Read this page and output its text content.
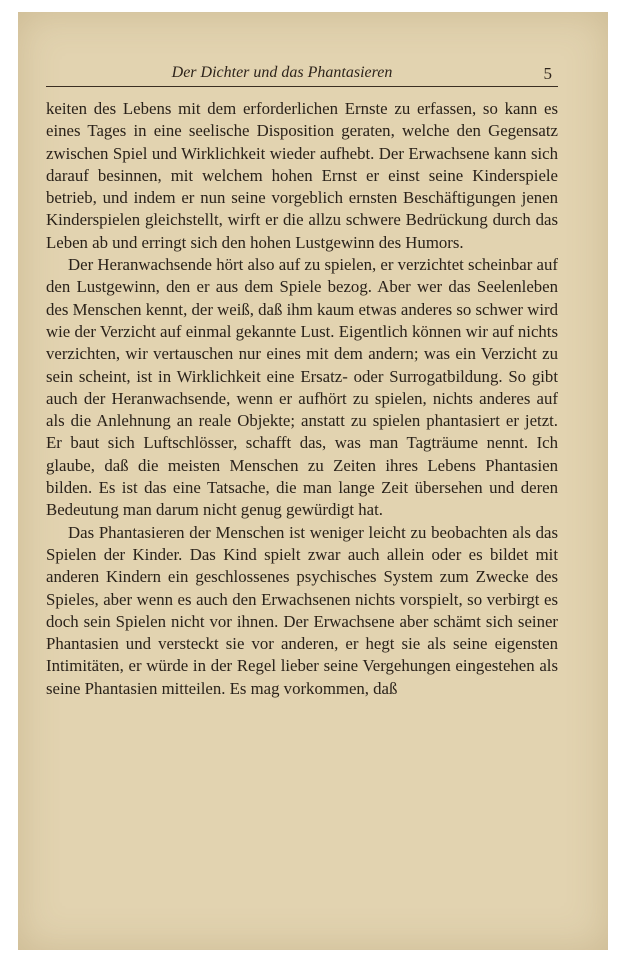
Der Dichter und das Phantasieren	5

keiten des Lebens mit dem erforderlichen Ernste zu erfassen, so kann es eines Tages in eine seelische Disposition geraten, welche den Gegensatz zwischen Spiel und Wirklichkeit wieder aufhebt. Der Erwachsene kann sich darauf besinnen, mit welchem hohen Ernst er einst seine Kinderspiele betrieb, und indem er nun seine vorgeblich ernsten Beschäftigungen jenen Kinderspielen gleichstellt, wirft er die allzu schwere Bedrückung durch das Leben ab und erringt sich den hohen Lustgewinn des Humors.

Der Heranwachsende hört also auf zu spielen, er verzichtet scheinbar auf den Lustgewinn, den er aus dem Spiele bezog. Aber wer das Seelenleben des Menschen kennt, der weiß, daß ihm kaum etwas anderes so schwer wird wie der Verzicht auf einmal gekannte Lust. Eigentlich können wir auf nichts verzichten, wir vertauschen nur eines mit dem andern; was ein Verzicht zu sein scheint, ist in Wirklichkeit eine Ersatz- oder Surrogatbildung. So gibt auch der Heranwachsende, wenn er aufhört zu spielen, nichts anderes auf als die Anlehnung an reale Objekte; anstatt zu spielen phantasiert er jetzt. Er baut sich Luftschlösser, schafft das, was man Tagträume nennt. Ich glaube, daß die meisten Menschen zu Zeiten ihres Lebens Phantasien bilden. Es ist das eine Tatsache, die man lange Zeit übersehen und deren Bedeutung man darum nicht genug gewürdigt hat.

Das Phantasieren der Menschen ist weniger leicht zu beobachten als das Spielen der Kinder. Das Kind spielt zwar auch allein oder es bildet mit anderen Kindern ein geschlossenes psychisches System zum Zwecke des Spieles, aber wenn es auch den Erwachsenen nichts vorspielt, so verbirgt es doch sein Spielen nicht vor ihnen. Der Erwachsene aber schämt sich seiner Phantasien und versteckt sie vor anderen, er hegt sie als seine eigensten Intimitäten, er würde in der Regel lieber seine Vergehungen eingestehen als seine Phantasien mitteilen. Es mag vorkommen, daß
